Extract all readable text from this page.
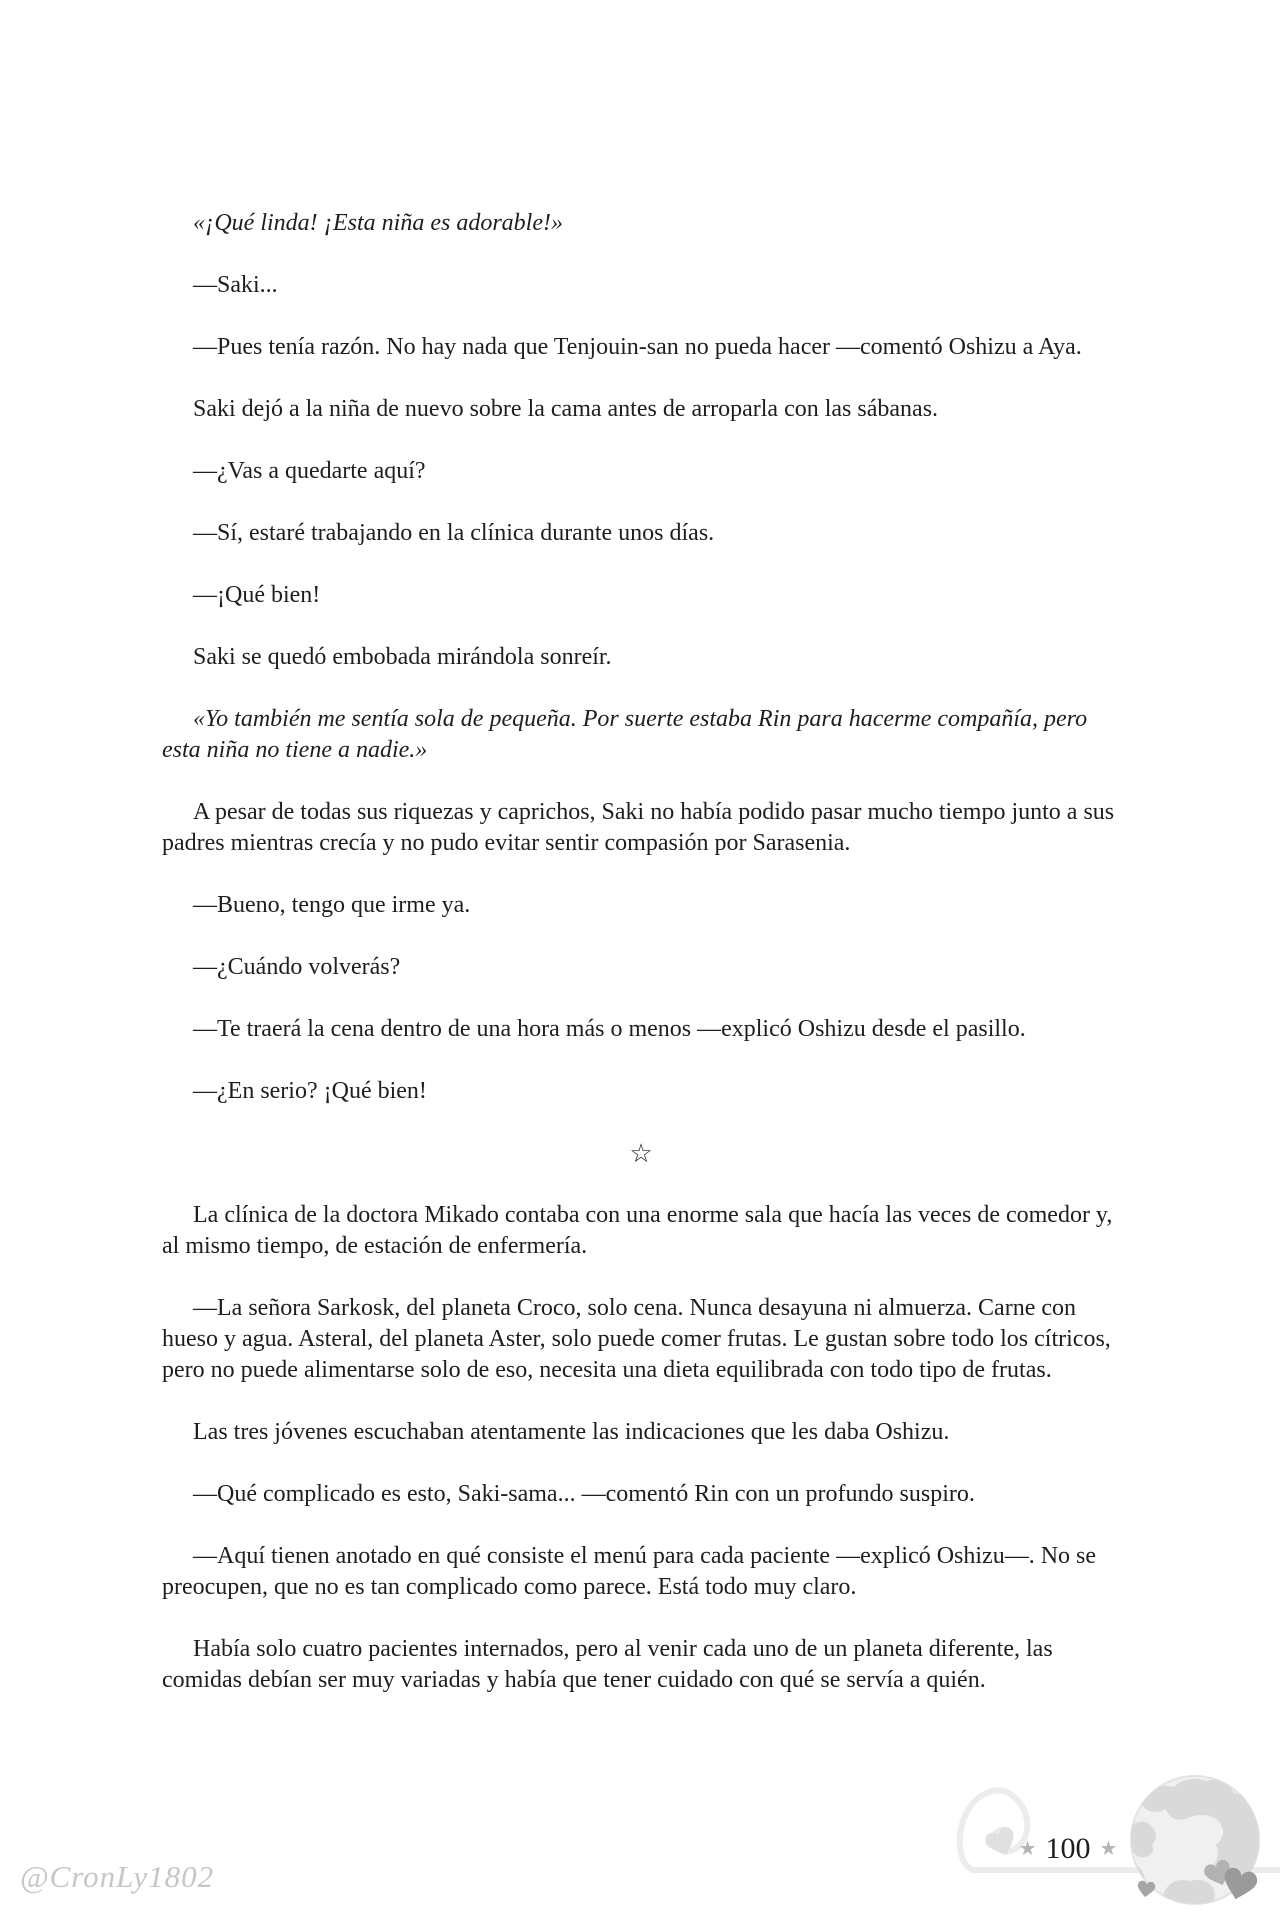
«¡Qué linda! ¡Esta niña es adorable!»

—Saki...

—Pues tenía razón. No hay nada que Tenjouin-san no pueda hacer —comentó Oshizu a Aya.

Saki dejó a la niña de nuevo sobre la cama antes de arroparla con las sábanas.

—¿Vas a quedarte aquí?

—Sí, estaré trabajando en la clínica durante unos días.

—¡Qué bien!

Saki se quedó embobada mirándola sonreír.

«Yo también me sentía sola de pequeña. Por suerte estaba Rin para hacerme compañía, pero esta niña no tiene a nadie.»

A pesar de todas sus riquezas y caprichos, Saki no había podido pasar mucho tiempo junto a sus padres mientras crecía y no pudo evitar sentir compasión por Sarasenia.

—Bueno, tengo que irme ya.

—¿Cuándo volverás?

—Te traerá la cena dentro de una hora más o menos —explicó Oshizu desde el pasillo.

—¿En serio? ¡Qué bien!

☆

La clínica de la doctora Mikado contaba con una enorme sala que hacía las veces de comedor y, al mismo tiempo, de estación de enfermería.

—La señora Sarkosk, del planeta Croco, solo cena. Nunca desayuna ni almuerza. Carne con hueso y agua. Asteral, del planeta Aster, solo puede comer frutas. Le gustan sobre todo los cítricos, pero no puede alimentarse solo de eso, necesita una dieta equilibrada con todo tipo de frutas.

Las tres jóvenes escuchaban atentamente las indicaciones que les daba Oshizu.

—Qué complicado es esto, Saki-sama... —comentó Rin con un profundo suspiro.

—Aquí tienen anotado en qué consiste el menú para cada paciente —explicó Oshizu—. No se preocupen, que no es tan complicado como parece. Está todo muy claro.

Había solo cuatro pacientes internados, pero al venir cada uno de un planeta diferente, las comidas debían ser muy variadas y había que tener cuidado con qué se servía a quién.

★ 100 ★
@CronLy1802
